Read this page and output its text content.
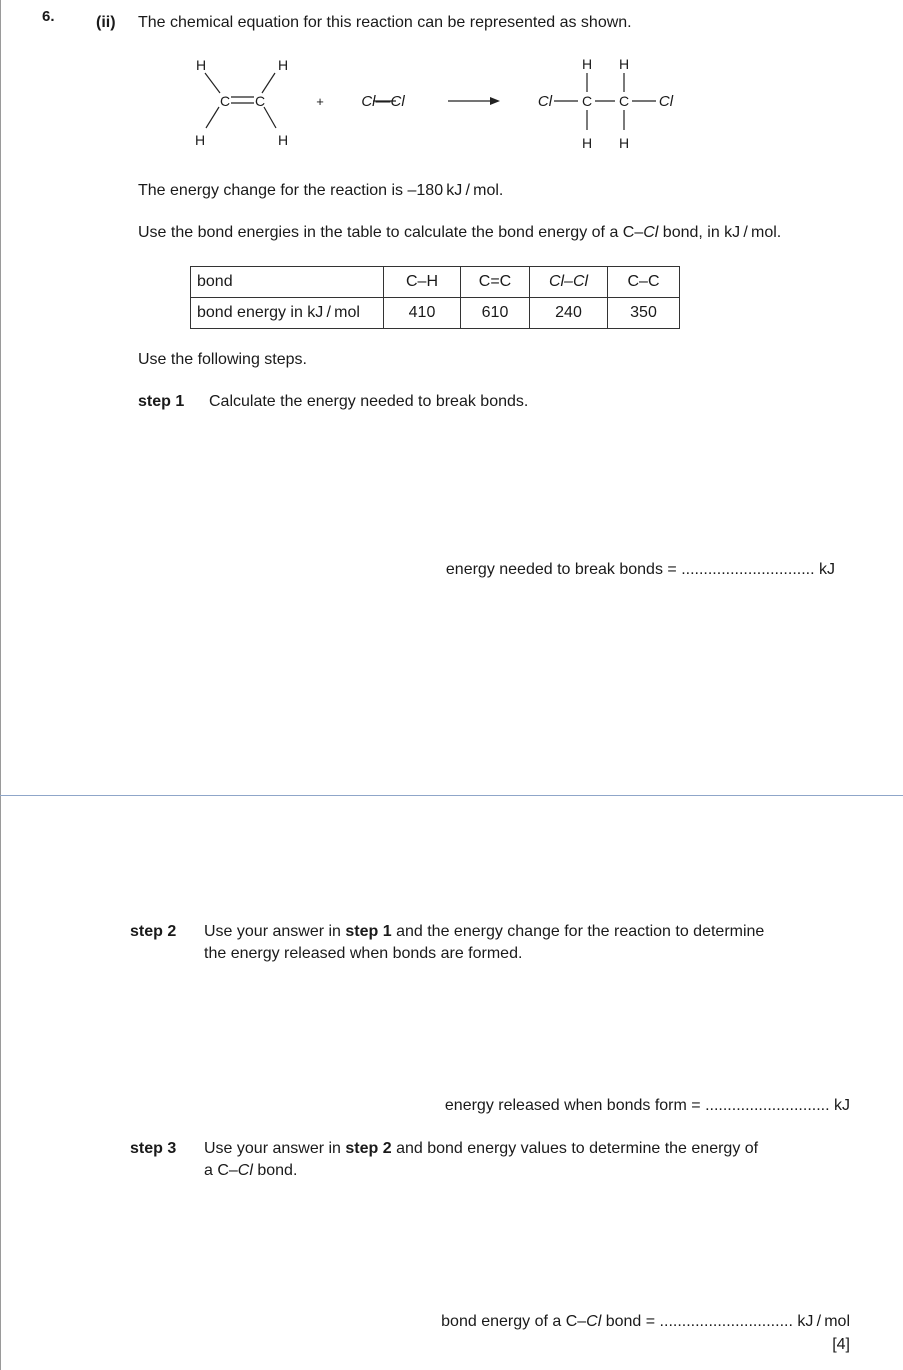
6.	(ii) The chemical equation for this reaction can be represented as shown.
H	H
C C
H	H
+	Cl—Cl
H H
Cl C C Cl
H H
The energy change for the reaction is –180 kJ / mol.
Use the bond energies in the table to calculate the bond energy of a C–Cl bond, in kJ / mol.
bond	C–H	C=C	Cl–Cl	C–C
bond energy in kJ / mol	410	610	240	350
Use the following steps.
step 1 Calculate the energy needed to break bonds.
energy needed to break bonds = .............................. kJ
step 2 Use your answer in step 1 and the energy change for the reaction to determine
the energy released when bonds are formed.
energy released when bonds form = ............................ kJ
step 3 Use your answer in step 2 and bond energy values to determine the energy of
a C–Cl bond.
bond energy of a C–Cl bond = .............................. kJ / mol
[4]
